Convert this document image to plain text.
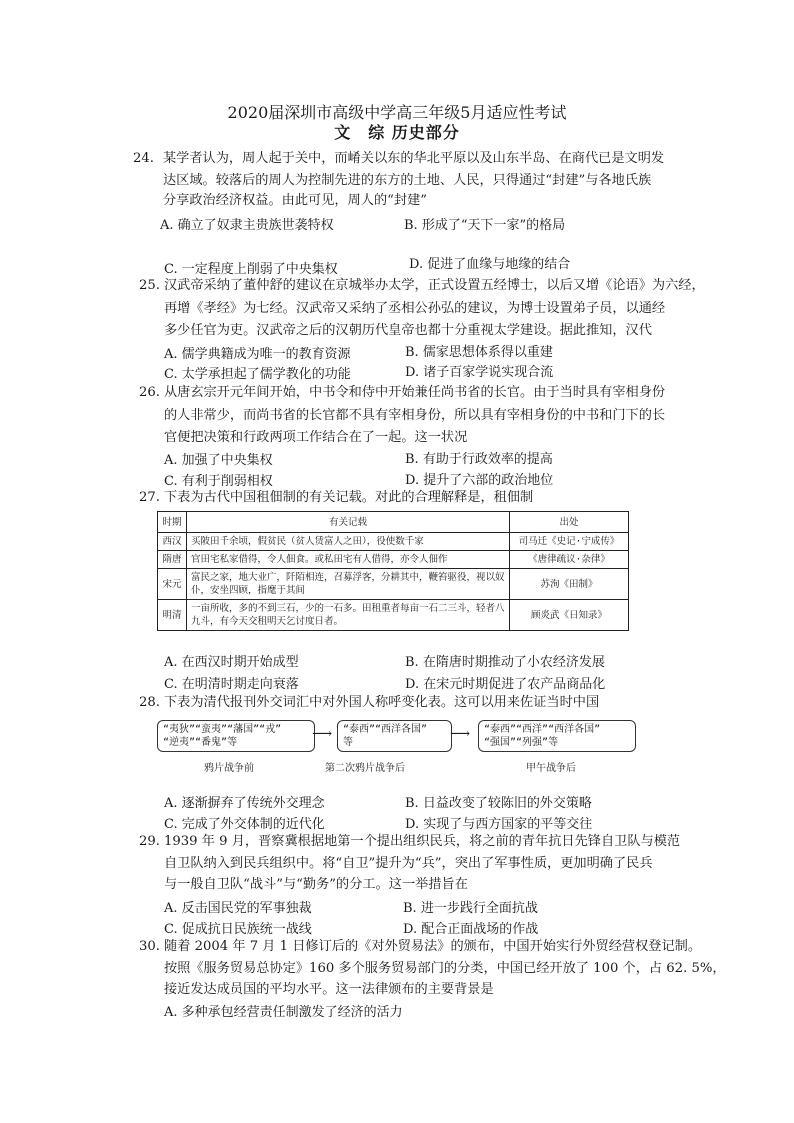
2020届深圳市高级中学高三年级5月适应性考试
文　综 历史部分
24. 某学者认为，周人起于关中，而崤关以东的华北平原以及山东半岛、在商代已是文明发
达区域。较落后的周人为控制先进的东方的土地、人民，只得通过“封建”与各地氏族
分享政治经济权益。由此可见，周人的“封建”
A. 确立了奴隶主贵族世袭特权	B. 形成了“天下一家”的格局
C. 一定程度上削弱了中央集权	D. 促进了血缘与地缘的结合
25. 汉武帝采纳了董仲舒的建议在京城举办太学，正式设置五经博士，以后又增《论语》为六经，
再增《孝经》为七经。汉武帝又采纳了丞相公孙弘的建议，为博士设置弟子员，以通经
多少任官为吏。汉武帝之后的汉朝历代皇帝也都十分重视太学建设。据此推知，汉代
A. 儒学典籍成为唯一的教育资源	B. 儒家思想体系得以重建
C. 太学承担起了儒学教化的功能	D. 诸子百家学说实现合流
26. 从唐玄宗开元年间开始，中书令和侍中开始兼任尚书省的长官。由于当时具有宰相身份
的人非常少，而尚书省的长官都不具有宰相身份，所以具有宰相身份的中书和门下的长
官便把决策和行政两项工作结合在了一起。这一状况
A. 加强了中央集权	B. 有助于行政效率的提高
C. 有利于削弱相权	D. 提升了六部的政治地位
27. 下表为古代中国租佃制的有关记载。对此的合理解释是，租佃制
时期	有关记载	出处
西汉	买陂田千余顷，假贫民（贫人赁富人之田），役使数千家	司马迁《史记·宁成传》
隋唐	官田宅私家借得，令人佃食。或私田宅有人借得，亦令人佃作	《唐律疏议·杂律》
宋元	富民之家，地大业广，阡陌相连，召募浮客，分耕其中，鞭笞驱役，视以奴仆，安坐四顾，指麾于其间	苏洵《田制》
明清	一亩所收，多的不到三石，少的一石多。田租重者每亩一石二三斗，轻者八九斗，有今天交租明天乞讨度日者。	顾炎武《日知录》
A. 在西汉时期开始成型	B. 在隋唐时期推动了小农经济发展
C. 在明清时期走向衰落	D. 在宋元时期促进了农产品商品化
28. 下表为清代报刊外交词汇中对外国人称呼变化表。这可以用来佐证当时中国
“夷狄”“蛮夷”“藩国”“戎”
“逆夷”“番鬼”等
⟶ “泰西”“西洋各国”
等
⟶ “泰西”“西洋”“西洋各国”
“强国”“列强”等
鸦片战争前	第二次鸦片战争后	甲午战争后
A. 逐渐摒弃了传统外交理念	B. 日益改变了较陈旧的外交策略
C. 完成了外交体制的近代化	D. 实现了与西方国家的平等交往
29. 1939 年 9 月，晋察冀根据地第一个提出组织民兵，将之前的青年抗日先锋自卫队与模范
自卫队纳入到民兵组织中。将“自卫”提升为“兵”，突出了军事性质，更加明确了民兵
与一般自卫队“战斗”与“勤务”的分工。这一举措旨在
A. 反击国民党的军事独裁	B. 进一步践行全面抗战
C. 促成抗日民族统一战线	D. 配合正面战场的作战
30. 随着 2004 年 7 月 1 日修订后的《对外贸易法》的颁布，中国开始实行外贸经营权登记制。
按照《服务贸易总协定》160 多个服务贸易部门的分类，中国已经开放了 100 个，占 62. 5%，
接近发达成员国的平均水平。这一法律颁布的主要背景是
A. 多种承包经营责任制激发了经济的活力
